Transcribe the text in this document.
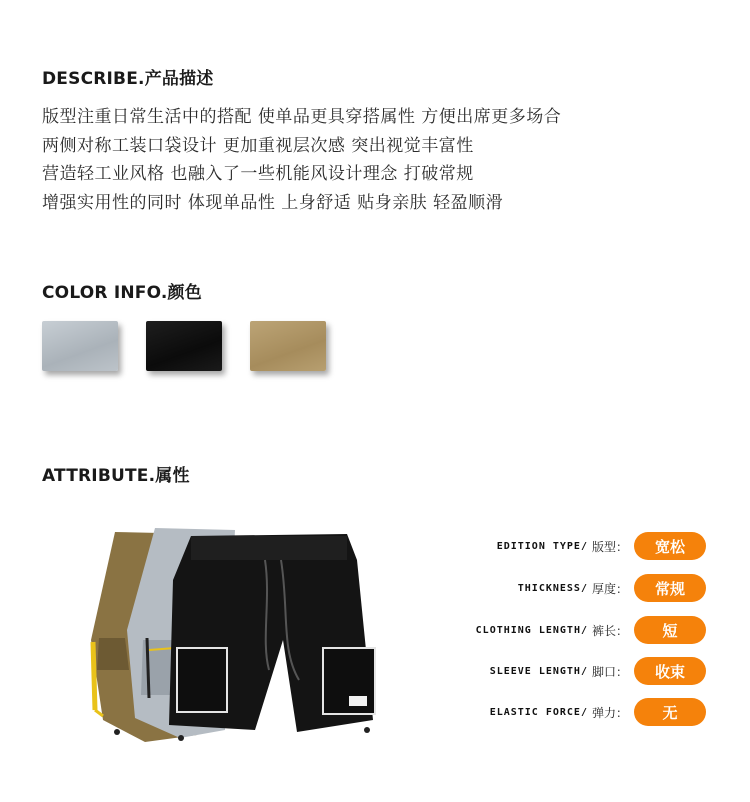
DESCRIBE.产品描述
版型注重日常生活中的搭配 使单品更具穿搭属性 方便出席更多场合
两侧对称工装口袋设计 更加重视层次感 突出视觉丰富性
营造轻工业风格 也融入了一些机能风设计理念 打破常规
增强实用性的同时 体现单品性 上身舒适 贴身亲肤 轻盈顺滑
COLOR INFO.颜色
ATTRIBUTE.属性
EDITION TYPE/ 版型：	宽松
THICKNESS/ 厚度：	常规
CLOTHING LENGTH/ 裤长：	短
SLEEVE LENGTH/ 脚口：	收束
ELASTIC FORCE/ 弹力：	无
